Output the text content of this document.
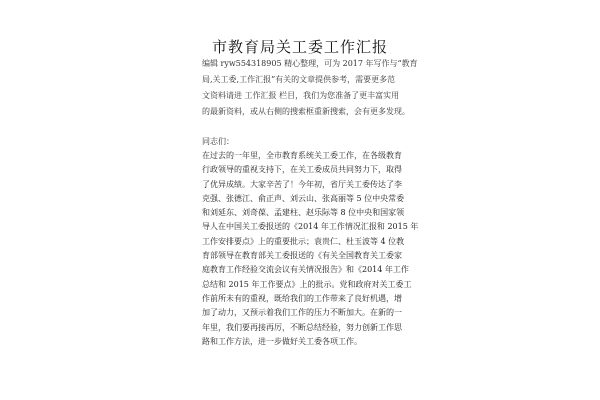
市教育局关工委工作汇报
编辑 ryw554318905 精心整理，可为 2017 年写作与“教育
局,关工委,工作汇报”有关的文章提供参考，需要更多范
文资料请进 工作汇报 栏目，我们为您准备了更丰富实用
的最新资料，或从右侧的搜索框重新搜索，会有更多发现。
同志们：
在过去的一年里，全市教育系统关工委工作，在各级教育
行政领导的重视支持下，在关工委成员共同努力下，取得
了优异成绩。大家辛苦了！今年初，省厅关工委传达了李
克强、张德江、俞正声、刘云山、张高丽等 5 位中央常委
和刘延东、刘奇葆、孟建柱、赵乐际等 8 位中央和国家领
导人在中国关工委报送的《2014 年工作情况汇报和 2015 年
工作安排要点》上的重要批示；袁贵仁、杜玉波等 4 位教
育部领导在教育部关工委报送的《有关全国教育关工委家
庭教育工作经验交流会议有关情况报告》和《2014 年工作
总结和 2015 年工作要点》上的批示。党和政府对关工委工
作前所未有的重视，既给我们的工作带来了良好机遇，增
加了动力，又预示着我们工作的压力不断加大。在新的一
年里，我们要再接再厉，不断总结经验，努力创新工作思
路和工作方法，进一步做好关工委各项工作。
